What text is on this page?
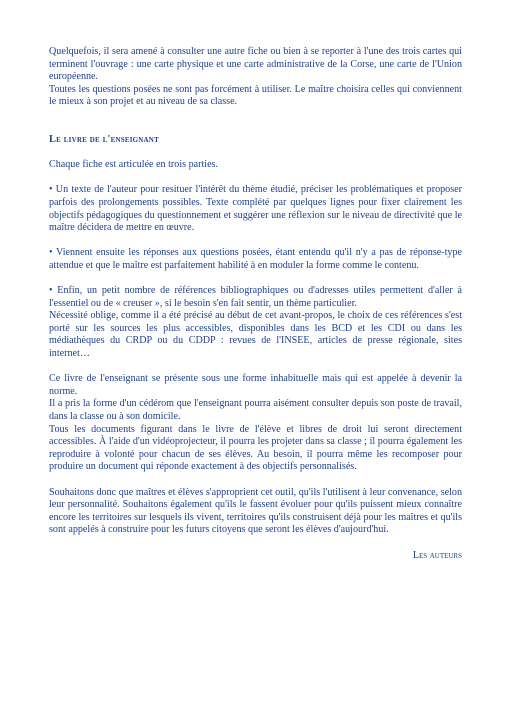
Quelquefois, il sera amené à consulter une autre fiche ou bien à se reporter à l'une des trois cartes qui terminent l'ouvrage : une carte physique et une carte administrative de la Corse, une carte de l'Union européenne.

Toutes les questions posées ne sont pas forcément à utiliser. Le maître choisira celles qui conviennent le mieux à son projet et au niveau de sa classe.

Le livre de l'enseignant

Chaque fiche est articulée en trois parties.

• Un texte de l'auteur pour resituer l'intérêt du thème étudié, préciser les problématiques et proposer parfois des prolongements possibles. Texte complété par quelques lignes pour fixer clairement les objectifs pédagogiques du questionnement et suggérer une réflexion sur le niveau de directivité que le maître décidera de mettre en œuvre.

• Viennent ensuite les réponses aux questions posées, étant entendu qu'il n'y a pas de réponse-type attendue et que le maître est parfaitement habilité à en moduler la forme comme le contenu.

• Enfin, un petit nombre de références bibliographiques ou d'adresses utiles permettent d'aller à l'essentiel ou de « creuser », si le besoin s'en fait sentir, un thème particulier.

Nécessité oblige, comme il a été précisé au début de cet avant-propos, le choix de ces références s'est porté sur les sources les plus accessibles, disponibles dans les BCD et les CDI ou dans les médiathèques du CRDP ou du CDDP : revues de l'INSEE, articles de presse régionale, sites internet…

Ce livre de l'enseignant se présente sous une forme inhabituelle mais qui est appelée à devenir la norme.

Il a pris la forme d'un cédérom que l'enseignant pourra aisément consulter depuis son poste de travail, dans la classe ou à son domicile.

Tous les documents figurant dans le livre de l'élève et libres de droit lui seront directement accessibles. À l'aide d'un vidéoprojecteur, il pourra les projeter dans sa classe ; il pourra également les reproduire à volonté pour chacun de ses élèves. Au besoin, il pourra même les recomposer pour produire un document qui réponde exactement à des objectifs personnalisés.

Souhaitons donc que maîtres et élèves s'approprient cet outil, qu'ils l'utilisent à leur convenance, selon leur personnalité. Souhaitons également qu'ils le fassent évoluer pour qu'ils puissent mieux connaître encore les territoires sur lesquels ils vivent, territoires qu'ils construisent déjà pour les maîtres et qu'ils sont appelés à construire pour les futurs citoyens que seront les élèves d'aujourd'hui.

Les auteurs
